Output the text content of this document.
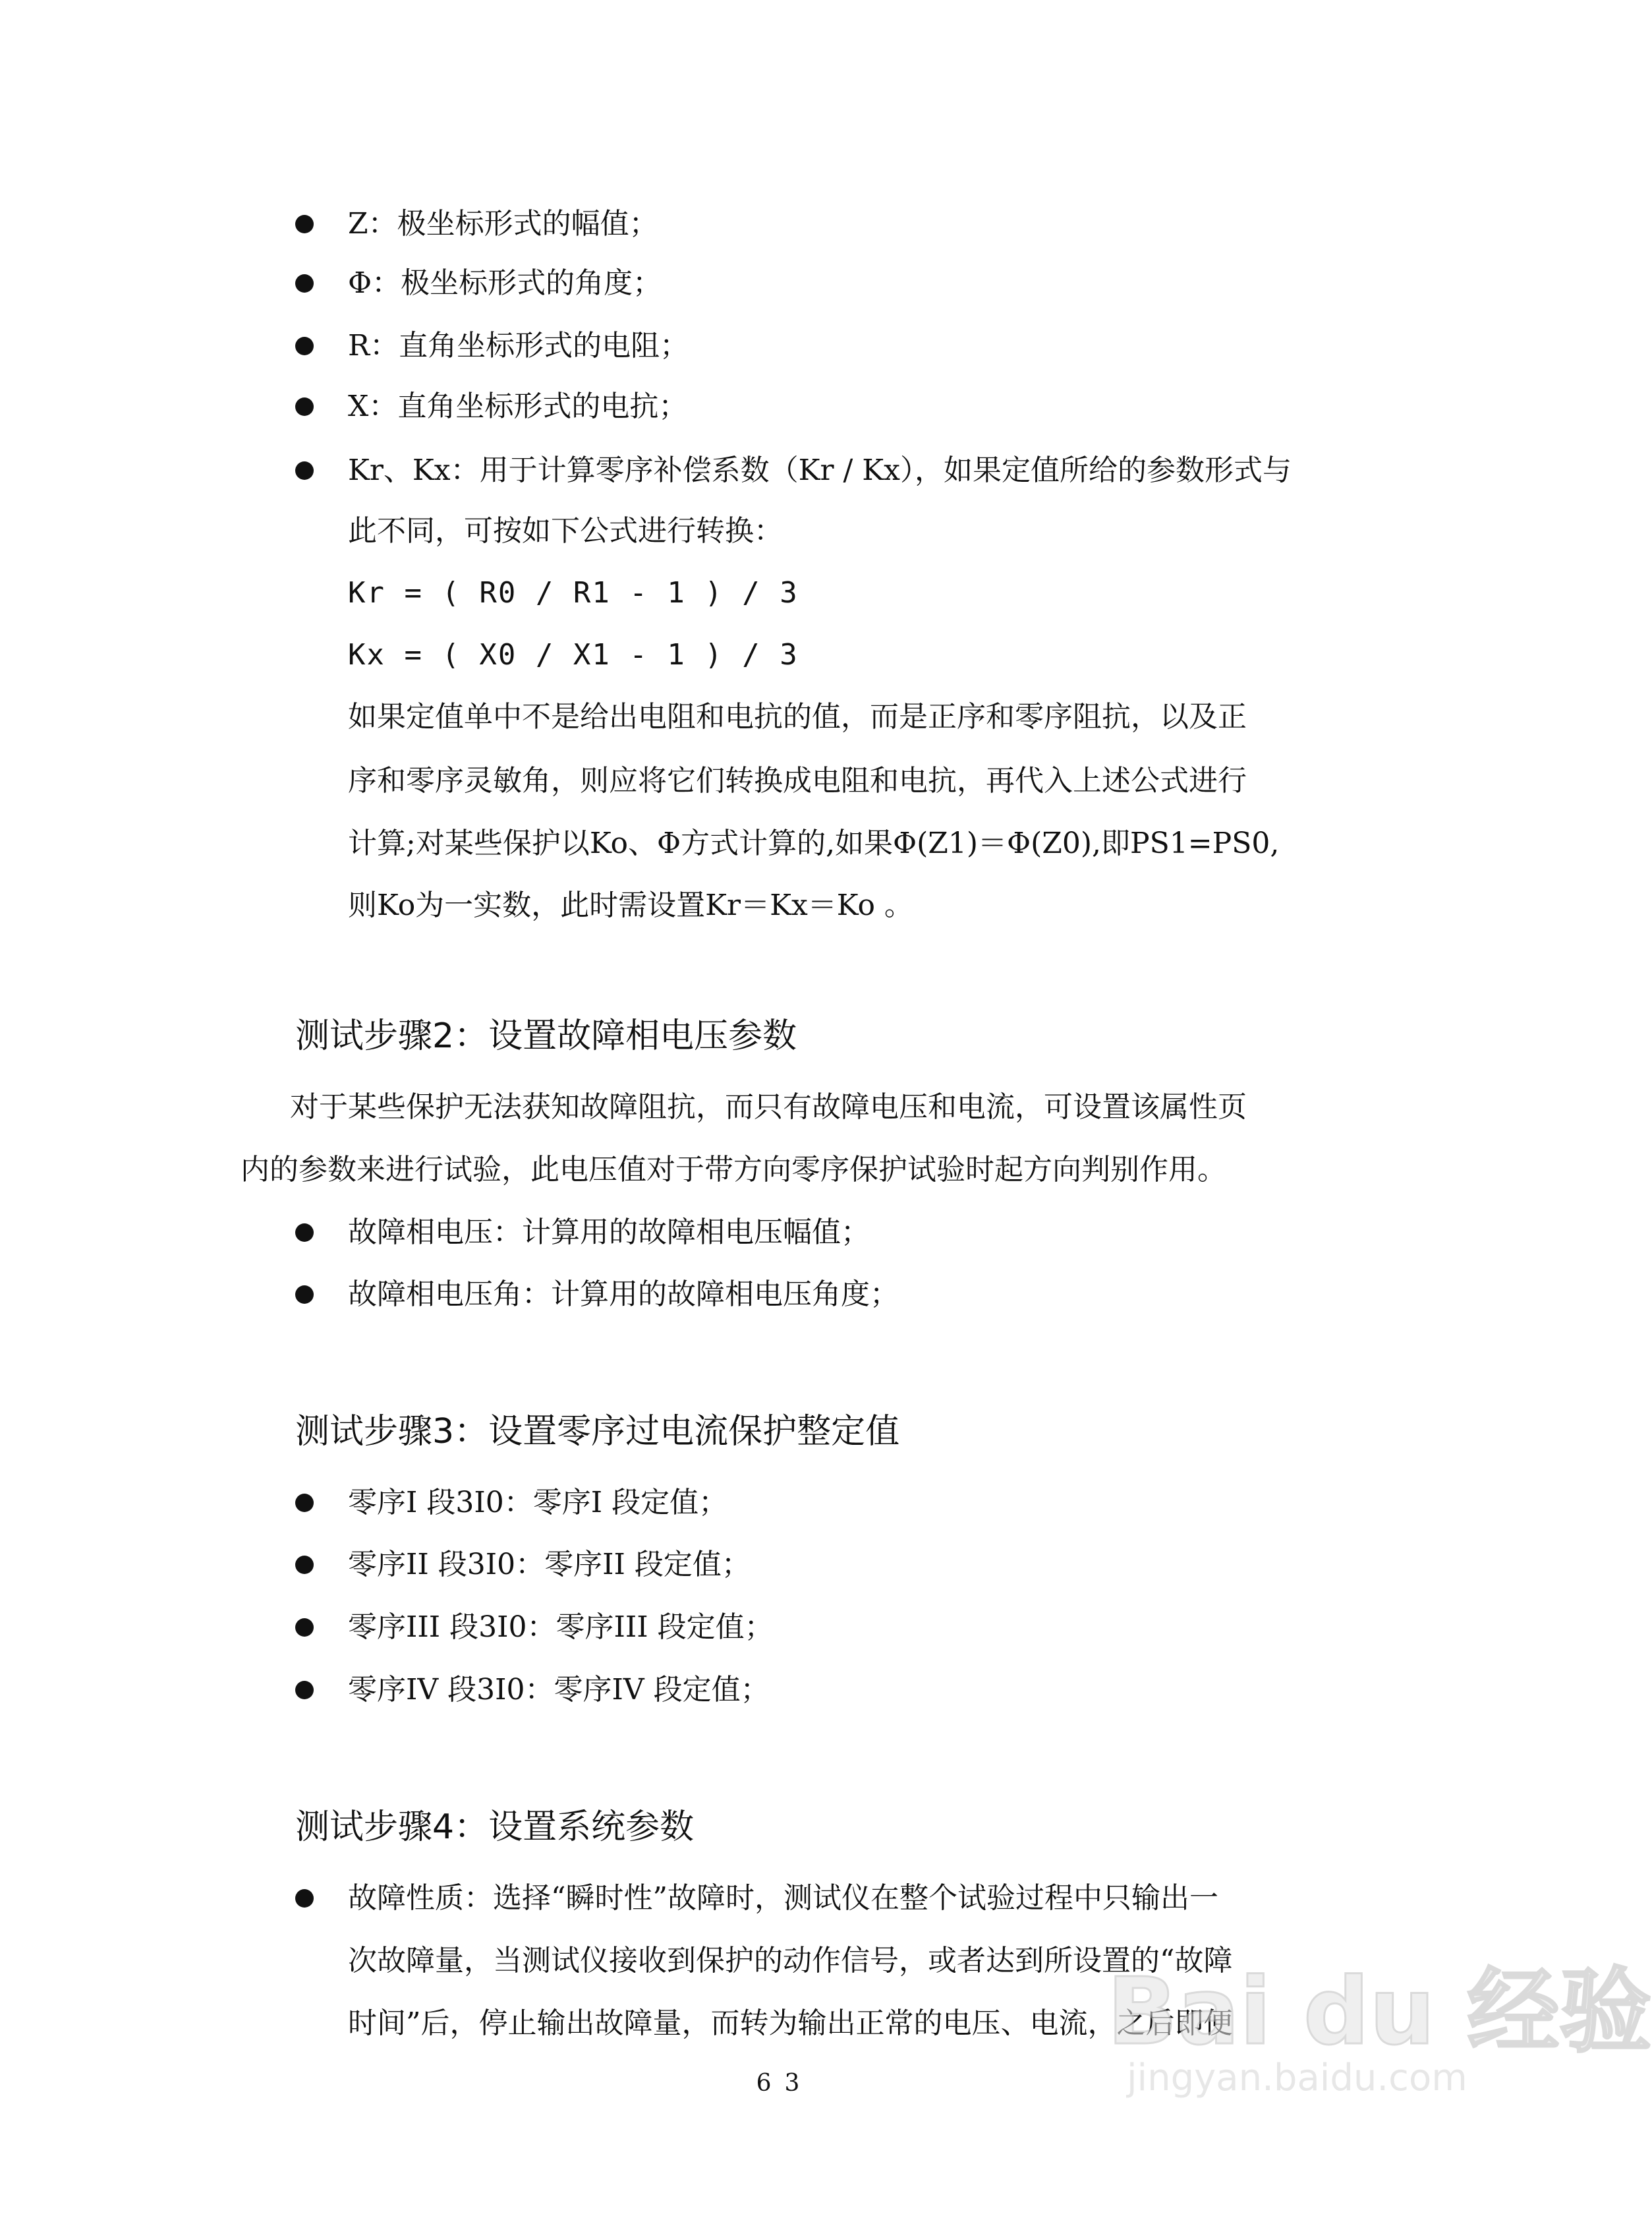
Z：极坐标形式的幅值；
Φ：极坐标形式的角度；
R：直角坐标形式的电阻；
X：直角坐标形式的电抗；
Kr、Kx：用于计算零序补偿系数（Kr / Kx），如果定值所给的参数形式与
此不同，可按如下公式进行转换：
Kr = ( R0 / R1 - 1 ) / 3
Kx = ( X0 / X1 - 1 ) / 3
如果定值单中不是给出电阻和电抗的值，而是正序和零序阻抗，以及正
序和零序灵敏角，则应将它们转换成电阻和电抗，再代入上述公式进行
计算;对某些保护以Ko、Φ方式计算的,如果Φ(Z1)＝Φ(Z0),即PS1=PS0,
则Ko为一实数，此时需设置Kr＝Kx＝Ko 。
测试步骤2：设置故障相电压参数
对于某些保护无法获知故障阻抗，而只有故障电压和电流，可设置该属性页
内的参数来进行试验，此电压值对于带方向零序保护试验时起方向判别作用。
故障相电压：计算用的故障相电压幅值；
故障相电压角：计算用的故障相电压角度；
测试步骤3：设置零序过电流保护整定值
零序I 段3I0：零序I 段定值；
零序II 段3I0：零序II 段定值；
零序III 段3I0：零序III 段定值；
零序IV 段3I0：零序IV 段定值；
测试步骤4：设置系统参数
故障性质：选择“瞬时性”故障时，测试仪在整个试验过程中只输出一
次故障量，当测试仪接收到保护的动作信号，或者达到所设置的“故障
时间”后，停止输出故障量，而转为输出正常的电压、电流，之后即便
Bai du 经验
jingyan.baidu.com
63
